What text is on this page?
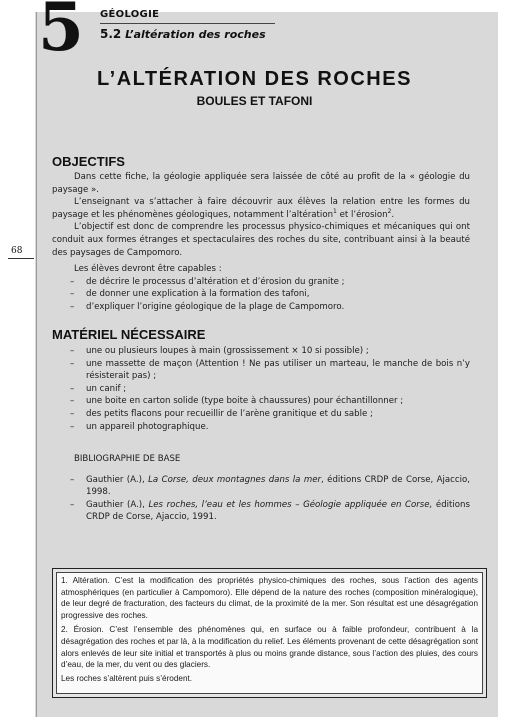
5 GÉOLOGIE
5.2 L’altération des roches
L’ALTÉRATION DES ROCHES
BOULES ET TAFONI
68
OBJECTIFS

Dans cette fiche, la géologie appliquée sera laissée de côté au profit de la « géologie du paysage ».

L’enseignant va s’attacher à faire découvrir aux élèves la relation entre les formes du paysage et les phénomènes géologiques, notamment l’altération$^1$ et l’érosion$^2$.

L’objectif est donc de comprendre les processus physico-chimiques et mécaniques qui ont conduit aux formes étranges et spectaculaires des roches du site, contribuant ainsi à la beauté des paysages de Campomoro.

Les élèves devront être capables :

– de décrire le processus d’altération et d’érosion du granite ;
– de donner une explication à la formation des tafoni,
– d’expliquer l’origine géologique de la plage de Campomoro.
MATÉRIEL NÉCESSAIRE
– une ou plusieurs loupes à main (grossissement × 10 si possible) ;
– une massette de maçon (Attention ! Ne pas utiliser un marteau, le manche de bois n’y résisterait pas) ;
– un canif ;
– une boite en carton solide (type boite à chaussures) pour échantillonner ;
– des petits flacons pour recueillir de l’arène granitique et du sable ;
– un appareil photographique.

BIBLIOGRAPHIE DE BASE

– Gauthier (A.), La Corse, deux montagnes dans la mer, éditions CRDP de Corse, Ajaccio, 1998.
– Gauthier (A.), Les roches, l’eau et les hommes – Géologie appliquée en Corse, éditions CRDP de Corse, Ajaccio, 1991.

1. Altération. C’est la modification des propriétés physico-chimiques des roches, sous l’action des agents atmosphériques (en particulier à Campomoro). Elle dépend de la nature des roches (composition minéralogique), de leur degré de fracturation, des facteurs du climat, de la proximité de la mer. Son résultat est une désagrégation progressive des roches.

2. Érosion. C’est l’ensemble des phénomènes qui, en surface ou à faible profondeur, contribuent à la désagrégation des roches et par là, à la modification du relief. Les éléments provenant de cette désagrégation sont alors enlevés de leur site initial et transportés à plus ou moins grande distance, sous l’action des pluies, des cours d’eau, de la mer, du vent ou des glaciers.

Les roches s’altèrent puis s’érodent.
